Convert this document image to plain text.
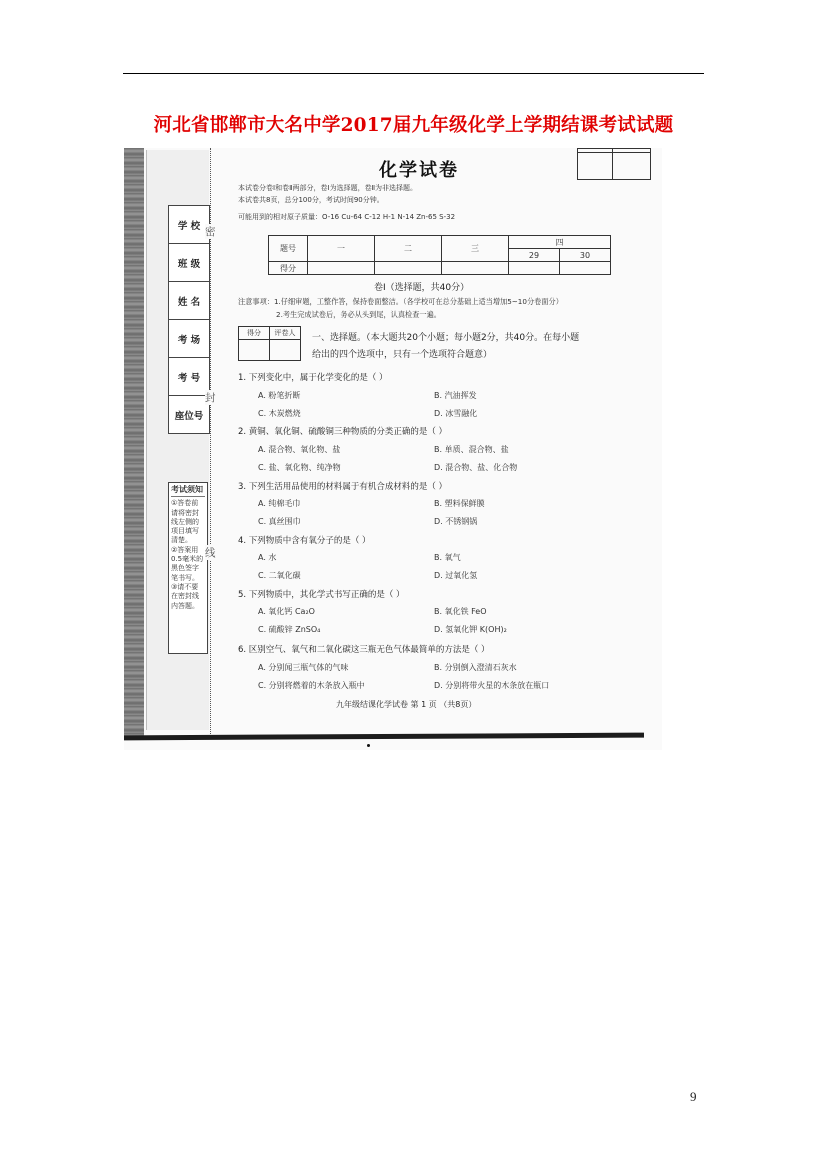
河北省邯郸市大名中学2017届九年级化学上学期结课考试试题
学 校
班 级
姓 名
考 场
考 号
座位号
考试须知
①答卷前请将密封线左侧的项目填写清楚。
②答案用0.5毫米的黑色签字笔书写。
③请不要在密封线内答题。
密
封
线
化学试卷
本试卷分卷Ⅰ和卷Ⅱ两部分，卷Ⅰ为选择题，卷Ⅱ为非选择题。
本试卷共8页，总分100分，考试时间90分钟。
可能用到的相对原子质量：O-16 Cu-64 C-12 H-1 N-14 Zn-65 S-32
题号	一	二	三	四	
				29	30
得分					
卷Ⅰ（选择题，共40分）
注意事项：1.仔细审题，工整作答，保持卷面整洁。（各学校可在总分基础上适当增加5~10分卷面分）
2.考生完成试卷后，务必从头到尾，认真检查一遍。
得分	评卷人
	一、选择题。（本大题共20个小题；每小题2分，共40分。在每小题
给出的四个选项中，只有一个选项符合题意）
1. 下列变化中，属于化学变化的是（ ）
A. 粉笔折断	B. 汽油挥发
C. 木炭燃烧	D. 冰雪融化
2. 黄铜、氧化铜、硫酸铜三种物质的分类正确的是（ ）
A. 混合物、氧化物、盐	B. 单质、混合物、盐
C. 盐、氧化物、纯净物	D. 混合物、盐、化合物
3. 下列生活用品使用的材料属于有机合成材料的是（ ）
A. 纯棉毛巾	B. 塑料保鲜膜
C. 真丝围巾	D. 不锈钢锅
4. 下列物质中含有氧分子的是（ ）
A. 水	B. 氧气
C. 二氧化碳	D. 过氧化氢
5. 下列物质中，其化学式书写正确的是（ ）
A. 氧化钙 Ca₂O	B. 氧化铁 FeO
C. 硫酸锌 ZnSO₄	D. 氢氧化钾 K(OH)₂
6. 区别空气、氧气和二氧化碳这三瓶无色气体最简单的方法是（ ）
A. 分别闻三瓶气体的气味	B. 分别倒入澄清石灰水
C. 分别将燃着的木条放入瓶中	D. 分别将带火星的木条放在瓶口
九年级结课化学试卷 第 1 页 （共8页）
9
